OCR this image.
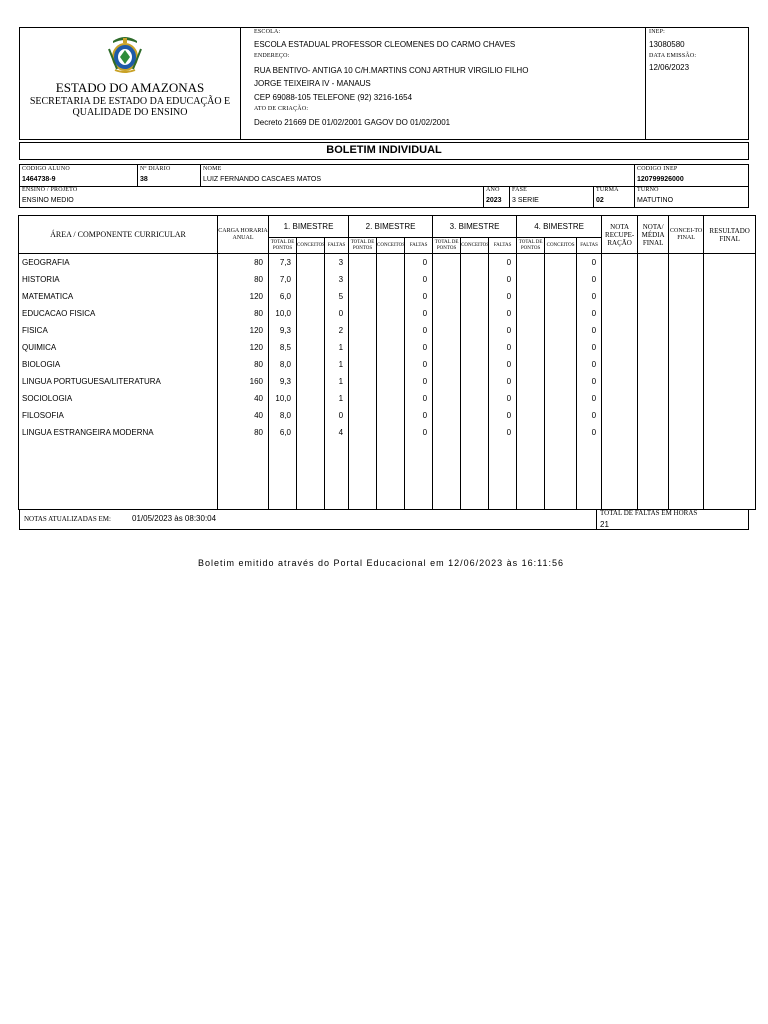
ESTADO DO AMAZONAS
SECRETARIA DE ESTADO DA EDUCAÇÃO E QUALIDADE DO ENSINO
ESCOLA:
ESCOLA ESTADUAL PROFESSOR CLEOMENES DO CARMO CHAVES
ENDEREÇO:
RUA BENTIVO- ANTIGA 10 C/H.MARTINS CONJ ARTHUR VIRGILIO FILHO
JORGE TEIXEIRA IV - MANAUS
CEP 69088-105 TELEFONE (92) 3216-1654
ATO DE CRIAÇÃO:
Decreto 21669 DE 01/02/2001 GAGOV DO 01/02/2001
INEP:
13080580
DATA EMISSÃO:
12/06/2023
BOLETIM INDIVIDUAL
CODIGO ALUNO
1464738-9
Nº DIÁRIO
38
NOME
LUIZ FERNANDO CASCAES MATOS
CODIGO INEP
120799926000
ENSINO / PROJETO
ENSINO MEDIO
ANO
2023
FASE
3 SERIE
TURMA
02
TURNO
MATUTINO
ÁREA / COMPONENTE CURRICULAR	CARGA HORARIA ANUAL	1. BIMESTRE			2. BIMESTRE			3. BIMESTRE			4. BIMESTRE			NOTA RECUPE-RAÇÃO	NOTA/ MÉDIA FINAL	CONCEI-TO FINAL	RESULTADO FINAL
		TOTAL DE PONTOS	CONCEITOS	FALTAS	TOTAL DE PONTOS	CONCEITOS	FALTAS	TOTAL DE PONTOS	CONCEITOS	FALTAS	TOTAL DE PONTOS	CONCEITOS	FALTAS				
GEOGRAFIA	80	7,3		3			0			0			0				
HISTORIA	80	7,0		3			0			0			0				
MATEMATICA	120	6,0		5			0			0			0				
EDUCACAO FISICA	80	10,0		0			0			0			0				
FISICA	120	9,3		2			0			0			0				
QUIMICA	120	8,5		1			0			0			0				
BIOLOGIA	80	8,0		1			0			0			0				
LINGUA PORTUGUESA/LITERATURA	160	9,3		1			0			0			0				
SOCIOLOGIA	40	10,0		1			0			0			0				
FILOSOFIA	40	8,0		0			0			0			0				
LINGUA ESTRANGEIRA MODERNA	80	6,0		4			0			0			0				

NOTAS ATUALIZADAS EM:	01/05/2023 às 08:30:04
TOTAL DE FALTAS EM HORAS
21
Boletim emitido através do Portal Educacional em 12/06/2023 às 16:11:56
